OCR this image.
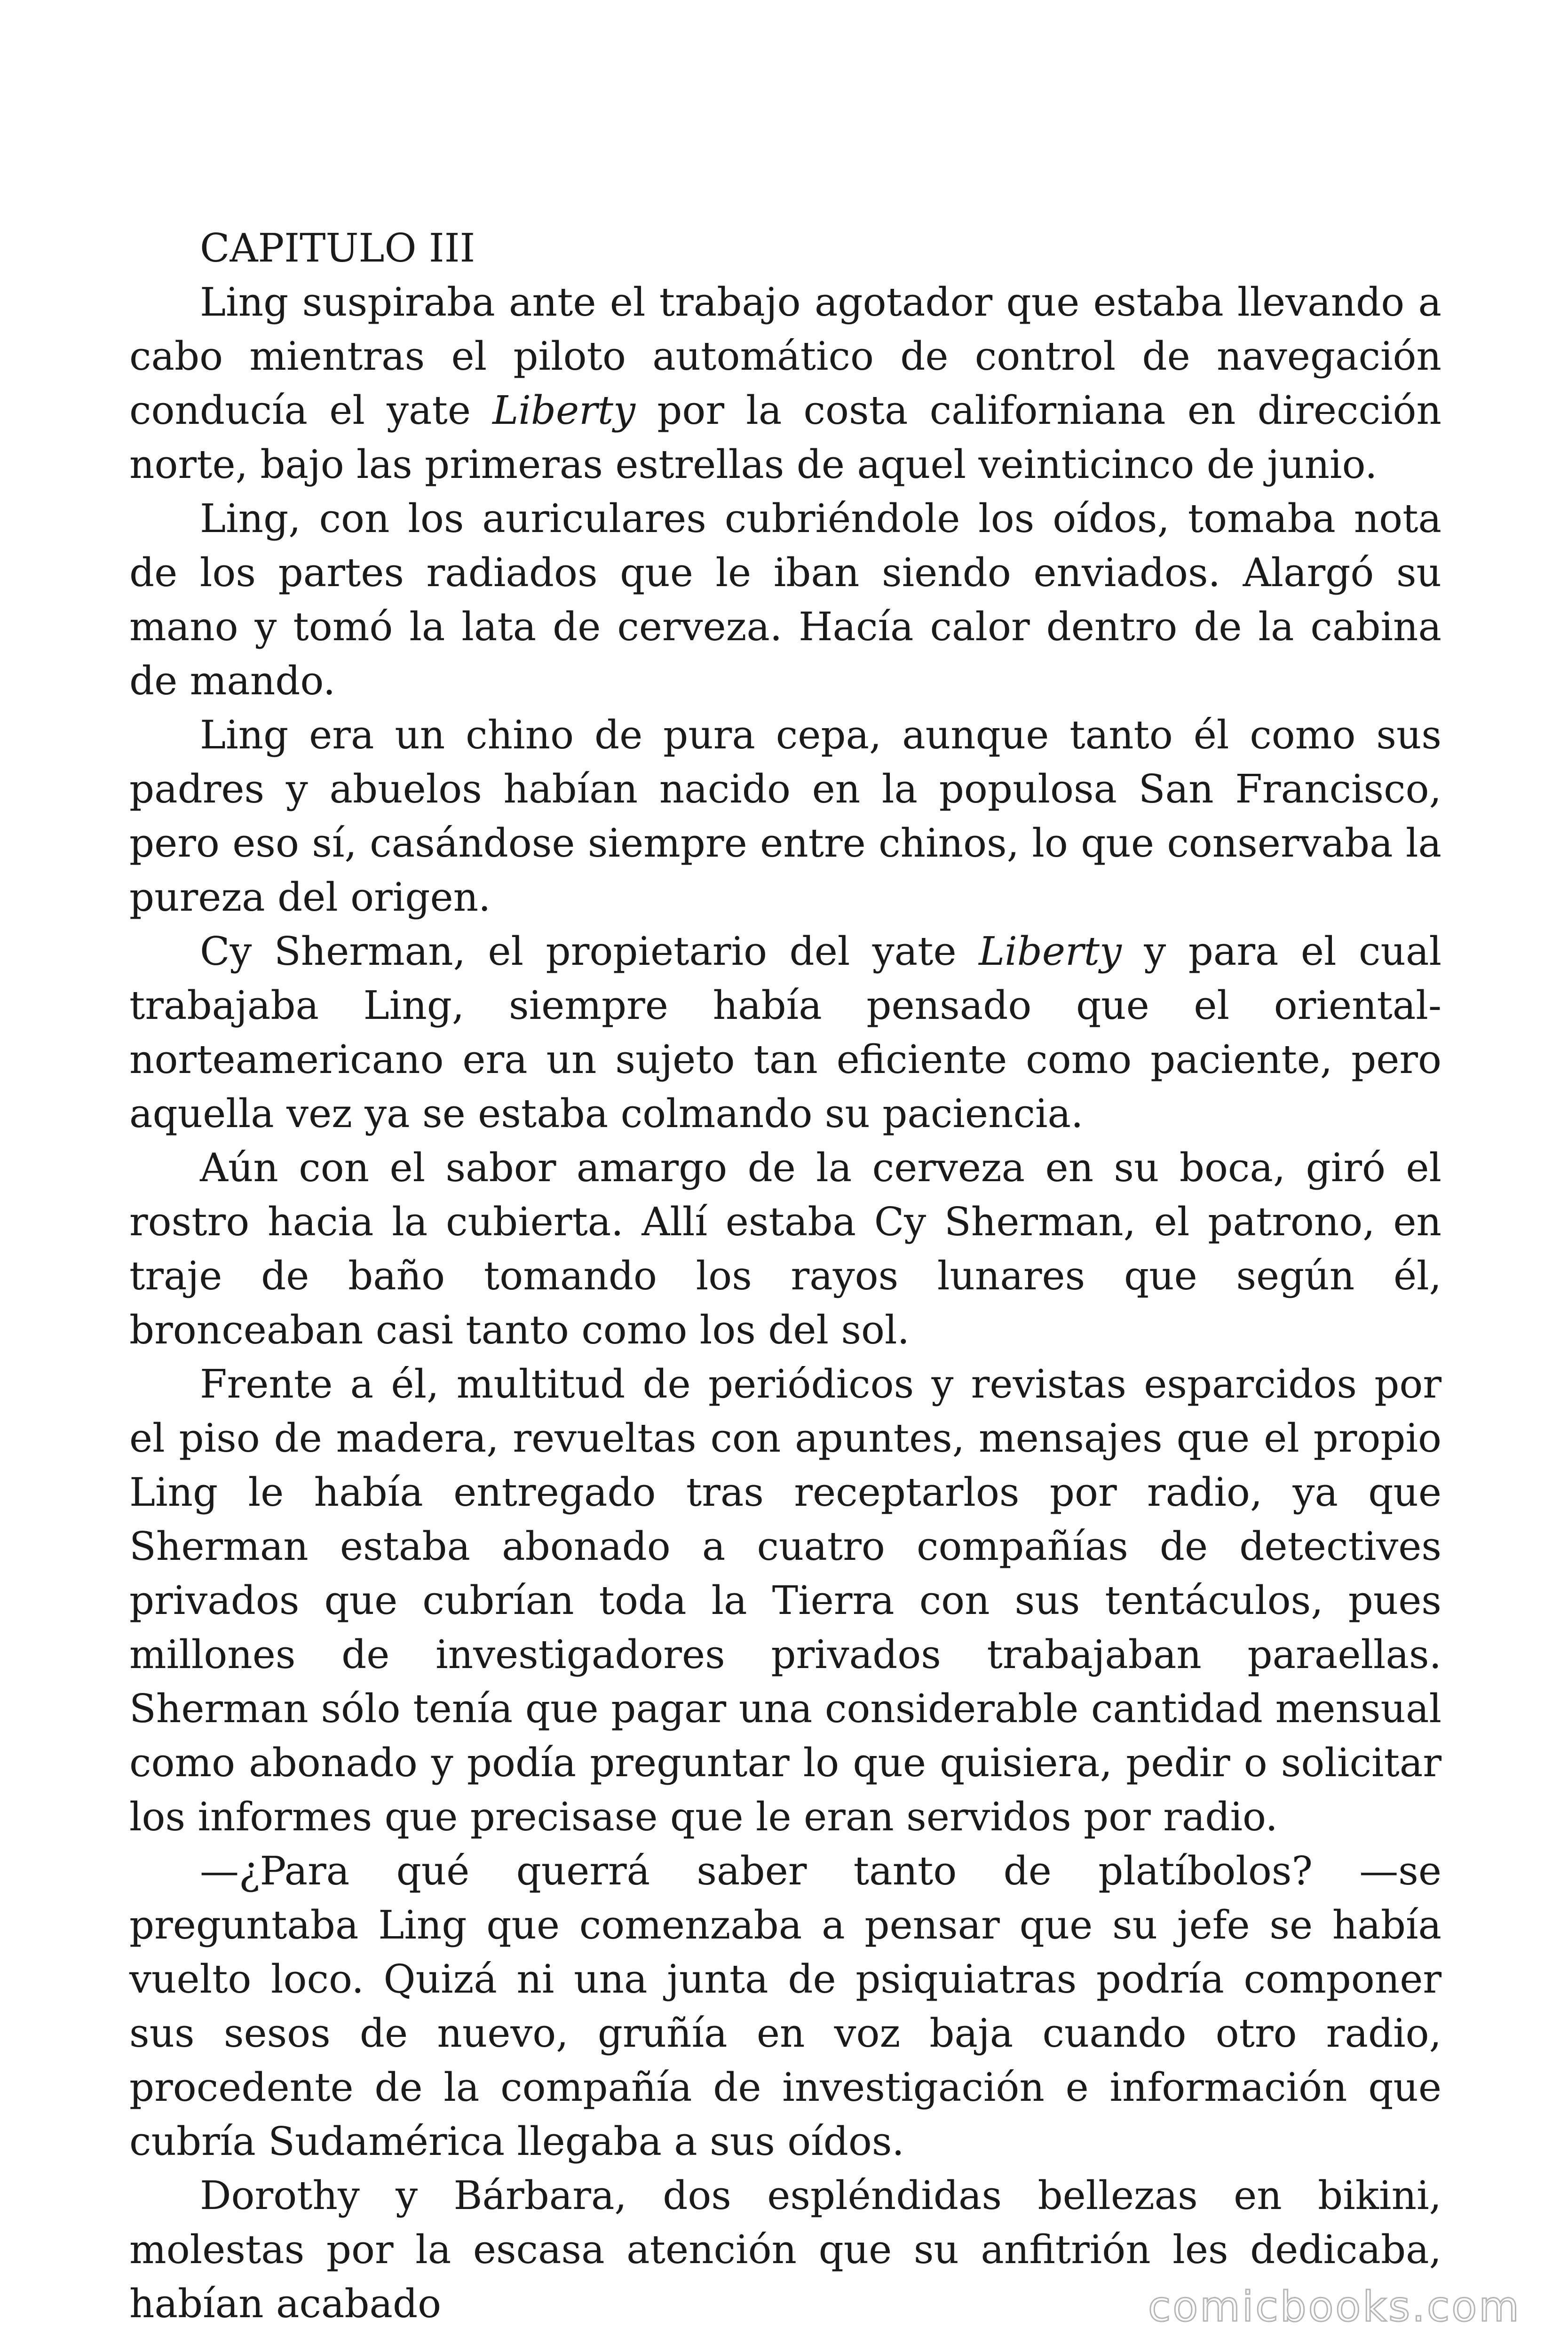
CAPITULO III

Ling suspiraba ante el trabajo agotador que estaba llevando a cabo mientras el piloto automático de control de navegación conducía el yate Liberty por la costa californiana en dirección norte, bajo las primeras estrellas de aquel veinticinco de junio.

Ling, con los auriculares cubriéndole los oídos, tomaba nota de los partes radiados que le iban siendo enviados. Alargó su mano y tomó la lata de cerveza. Hacía calor dentro de la cabina de mando.

Ling era un chino de pura cepa, aunque tanto él como sus padres y abuelos habían nacido en la populosa San Francisco, pero eso sí, casándose siempre entre chinos, lo que conservaba la pureza del origen.

Cy Sherman, el propietario del yate Liberty y para el cual trabajaba Ling, siempre había pensado que el oriental-norteamericano era un sujeto tan eficiente como paciente, pero aquella vez ya se estaba colmando su paciencia.

Aún con el sabor amargo de la cerveza en su boca, giró el rostro hacia la cubierta. Allí estaba Cy Sherman, el patrono, en traje de baño tomando los rayos lunares que según él, bronceaban casi tanto como los del sol.

Frente a él, multitud de periódicos y revistas esparcidos por el piso de madera, revueltas con apuntes, mensajes que el propio Ling le había entregado tras receptarlos por radio, ya que Sherman estaba abonado a cuatro compañías de detectives privados que cubrían toda la Tierra con sus tentáculos, pues millones de investigadores privados trabajaban paraellas. Sherman sólo tenía que pagar una considerable cantidad mensual como abonado y podía preguntar lo que quisiera, pedir o solicitar los informes que precisase que le eran servidos por radio.

—¿Para qué querrá saber tanto de platíbolos? —se preguntaba Ling que comenzaba a pensar que su jefe se había vuelto loco. Quizá ni una junta de psiquiatras podría componer sus sesos de nuevo, gruñía en voz baja cuando otro radio, procedente de la compañía de investigación e información que cubría Sudamérica llegaba a sus oídos.

Dorothy y Bárbara, dos espléndidas bellezas en bikini, molestas por la escasa atención que su anfitrión les dedicaba, habían acabado	comicbooks.com
